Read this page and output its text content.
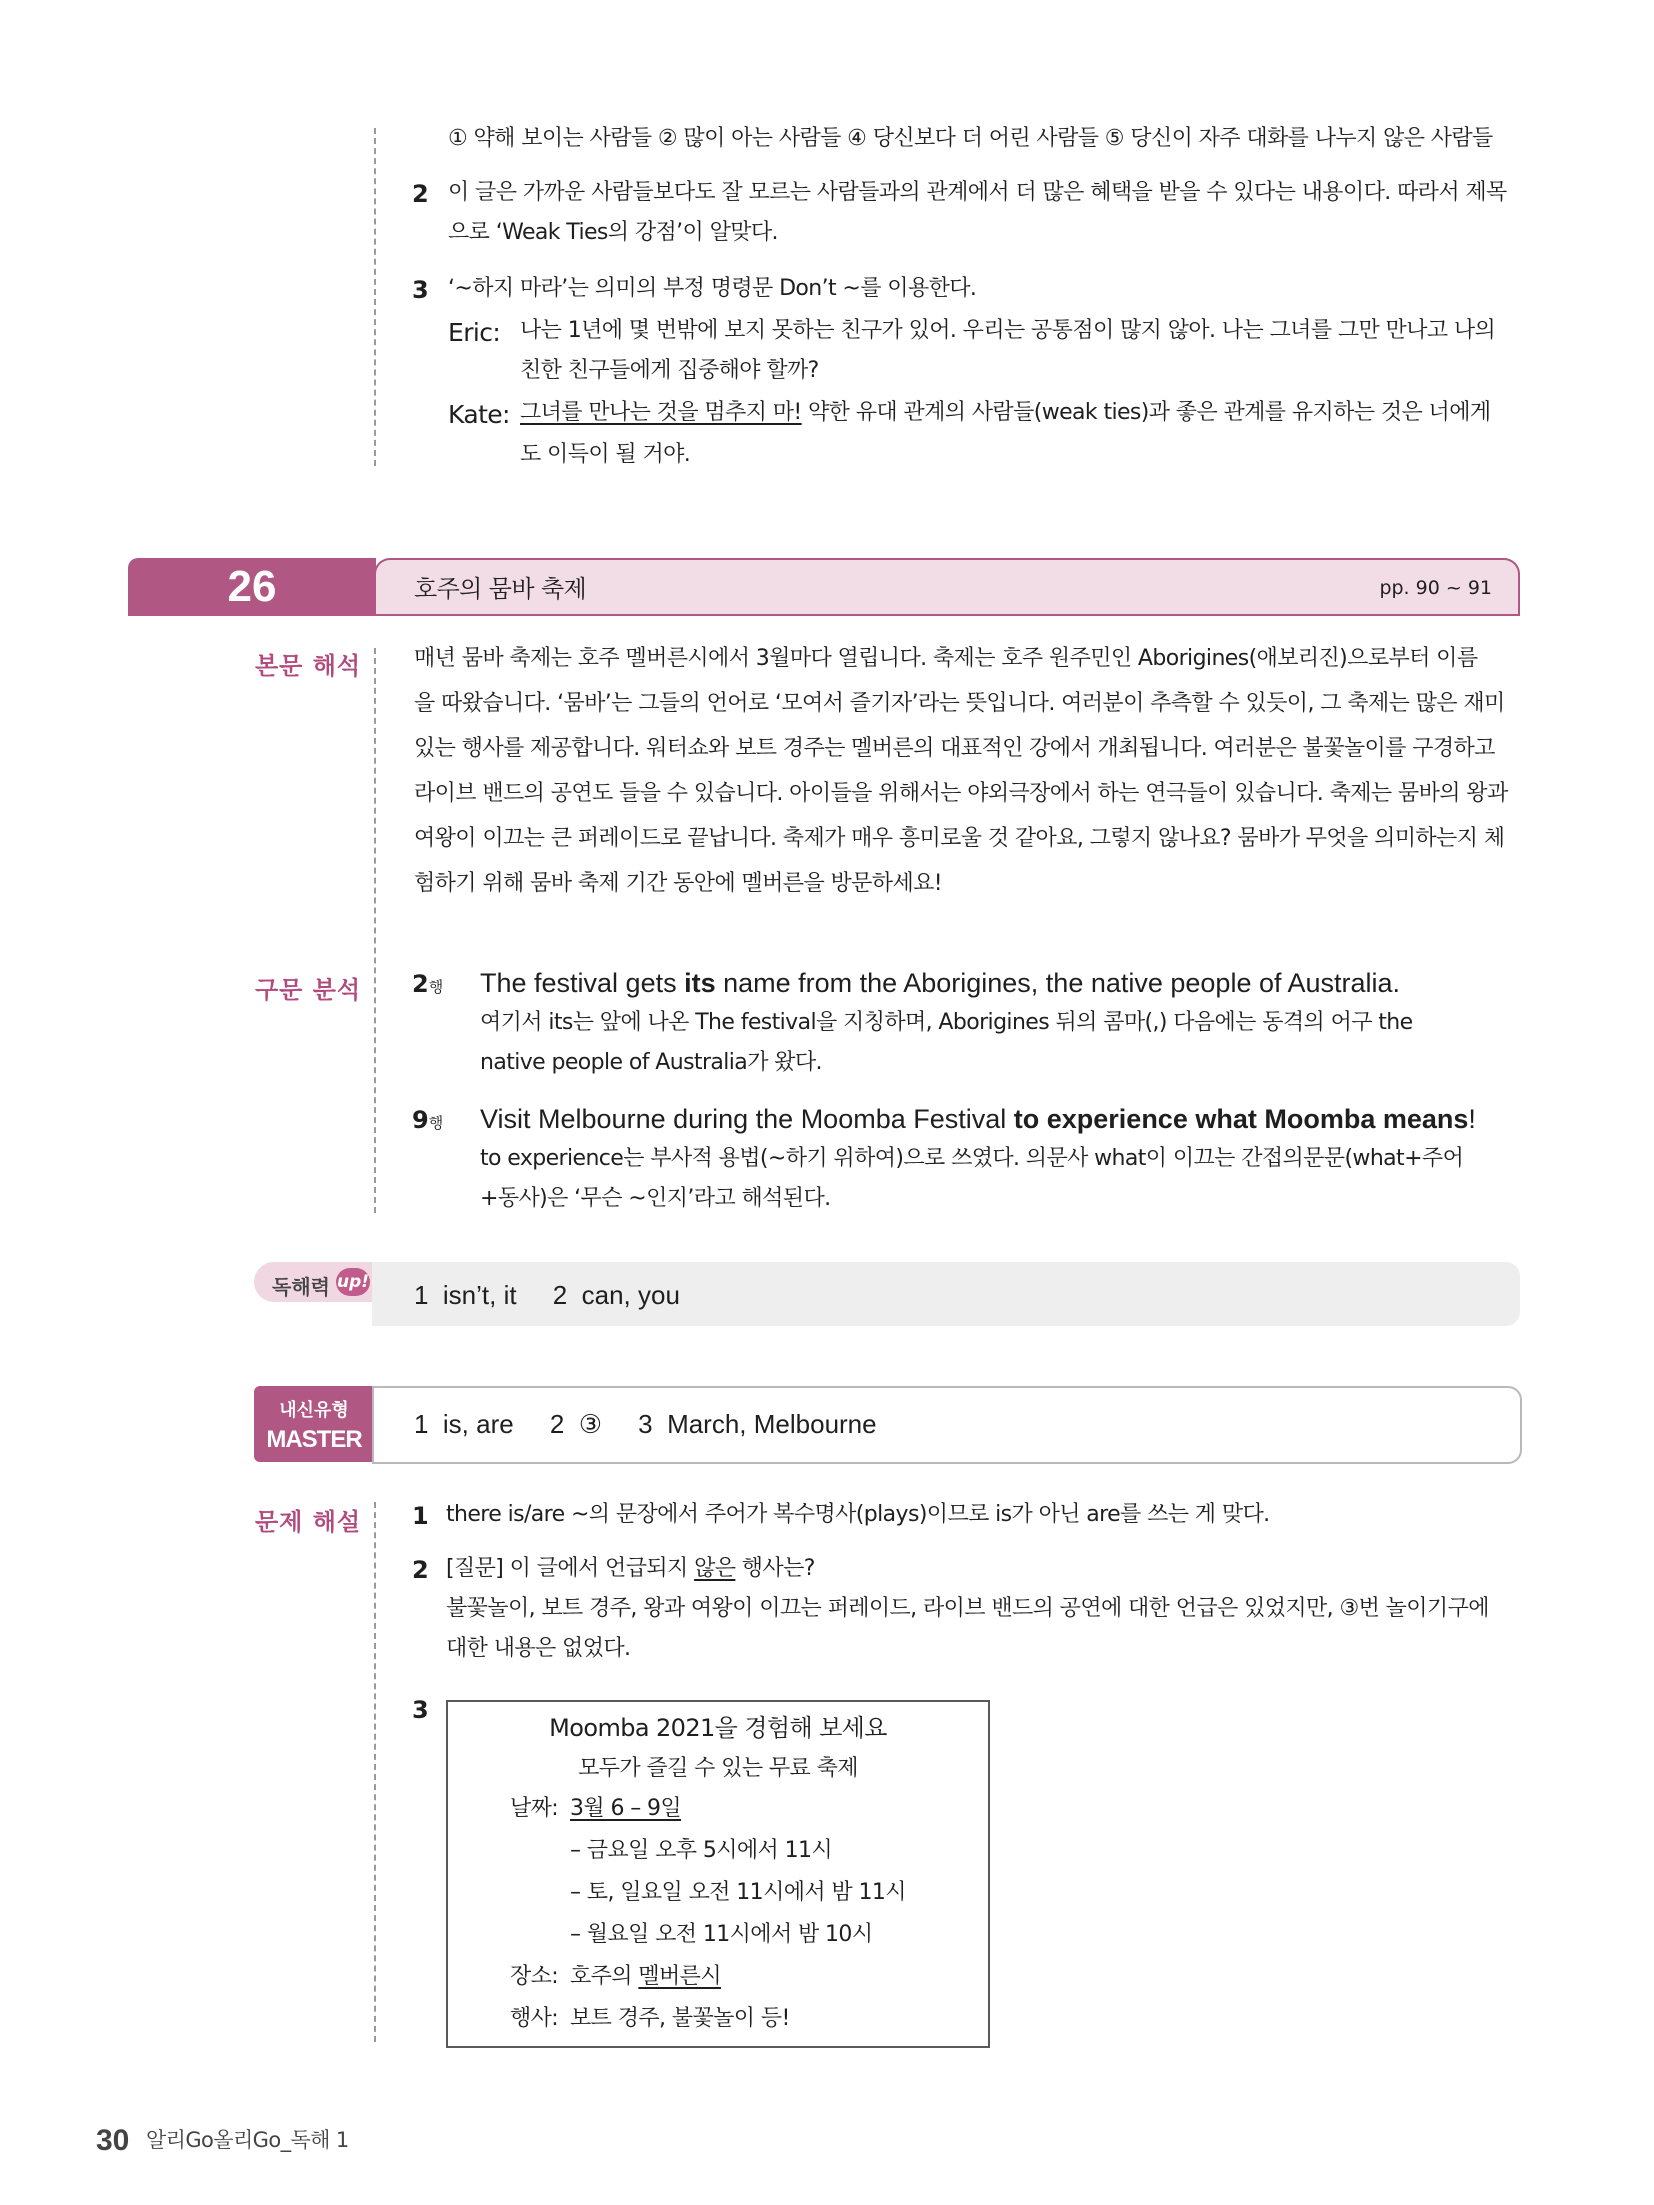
① 약해 보이는 사람들 ② 많이 아는 사람들 ④ 당신보다 더 어린 사람들 ⑤ 당신이 자주 대화를 나누지 않은 사람들
2 이 글은 가까운 사람들보다도 잘 모르는 사람들과의 관계에서 더 많은 혜택을 받을 수 있다는 내용이다. 따라서 제목
으로 ‘Weak Ties의 강점’이 알맞다.
3 ‘~하지 마라’는 의미의 부정 명령문 Don’t ~를 이용한다.
Eric: 나는 1년에 몇 번밖에 보지 못하는 친구가 있어. 우리는 공통점이 많지 않아. 나는 그녀를 그만 만나고 나의
친한 친구들에게 집중해야 할까?
Kate: 그녀를 만나는 것을 멈추지 마! 약한 유대 관계의 사람들(weak ties)과 좋은 관계를 유지하는 것은 너에게
도 이득이 될 거야.
26	호주의 뭄바 축제	pp. 90 ~ 91
본문 해석 매년 뭄바 축제는 호주 멜버른시에서 3월마다 열립니다. 축제는 호주 원주민인 Aborigines(애보리진)으로부터 이름
을 따왔습니다. ‘뭄바’는 그들의 언어로 ‘모여서 즐기자’라는 뜻입니다. 여러분이 추측할 수 있듯이, 그 축제는 많은 재미
있는 행사를 제공합니다. 워터쇼와 보트 경주는 멜버른의 대표적인 강에서 개최됩니다. 여러분은 불꽃놀이를 구경하고
라이브 밴드의 공연도 들을 수 있습니다. 아이들을 위해서는 야외극장에서 하는 연극들이 있습니다. 축제는 뭄바의 왕과
여왕이 이끄는 큰 퍼레이드로 끝납니다. 축제가 매우 흥미로울 것 같아요, 그렇지 않나요? 뭄바가 무엇을 의미하는지 체
험하기 위해 뭄바 축제 기간 동안에 멜버른을 방문하세요!
구문 분석 2행 The festival gets its name from the Aborigines, the native people of Australia.
여기서 its는 앞에 나온 The festival을 지칭하며, Aborigines 뒤의 콤마(,) 다음에는 동격의 어구 the
native people of Australia가 왔다.
9행 Visit Melbourne during the Moomba Festival to experience what Moomba means!
to experience는 부사적 용법(~하기 위하여)으로 쓰였다. 의문사 what이 이끄는 간접의문문(what+주어
+동사)은 ‘무슨 ~인지’라고 해석된다.
독해력 up! 1  isn’t, it     2  can, you
내신유형
MASTER
1  is, are     2  ③     3  March, Melbourne
문제 해설 1 there is/are ~의 문장에서 주어가 복수명사(plays)이므로 is가 아닌 are를 쓰는 게 맞다.
2 [질문] 이 글에서 언급되지 않은 행사는?
불꽃놀이, 보트 경주, 왕과 여왕이 이끄는 퍼레이드, 라이브 밴드의 공연에 대한 언급은 있었지만, ③번 놀이기구에
대한 내용은 없었다.
3
Moomba 2021을 경험해 보세요
모두가 즐길 수 있는 무료 축제
날짜: 3월 6 – 9일
– 금요일 오후 5시에서 11시
– 토, 일요일 오전 11시에서 밤 11시
– 월요일 오전 11시에서 밤 10시
장소: 호주의 멜버른시
행사: 보트 경주, 불꽃놀이 등!
30 알리Go올리Go_독해 1
